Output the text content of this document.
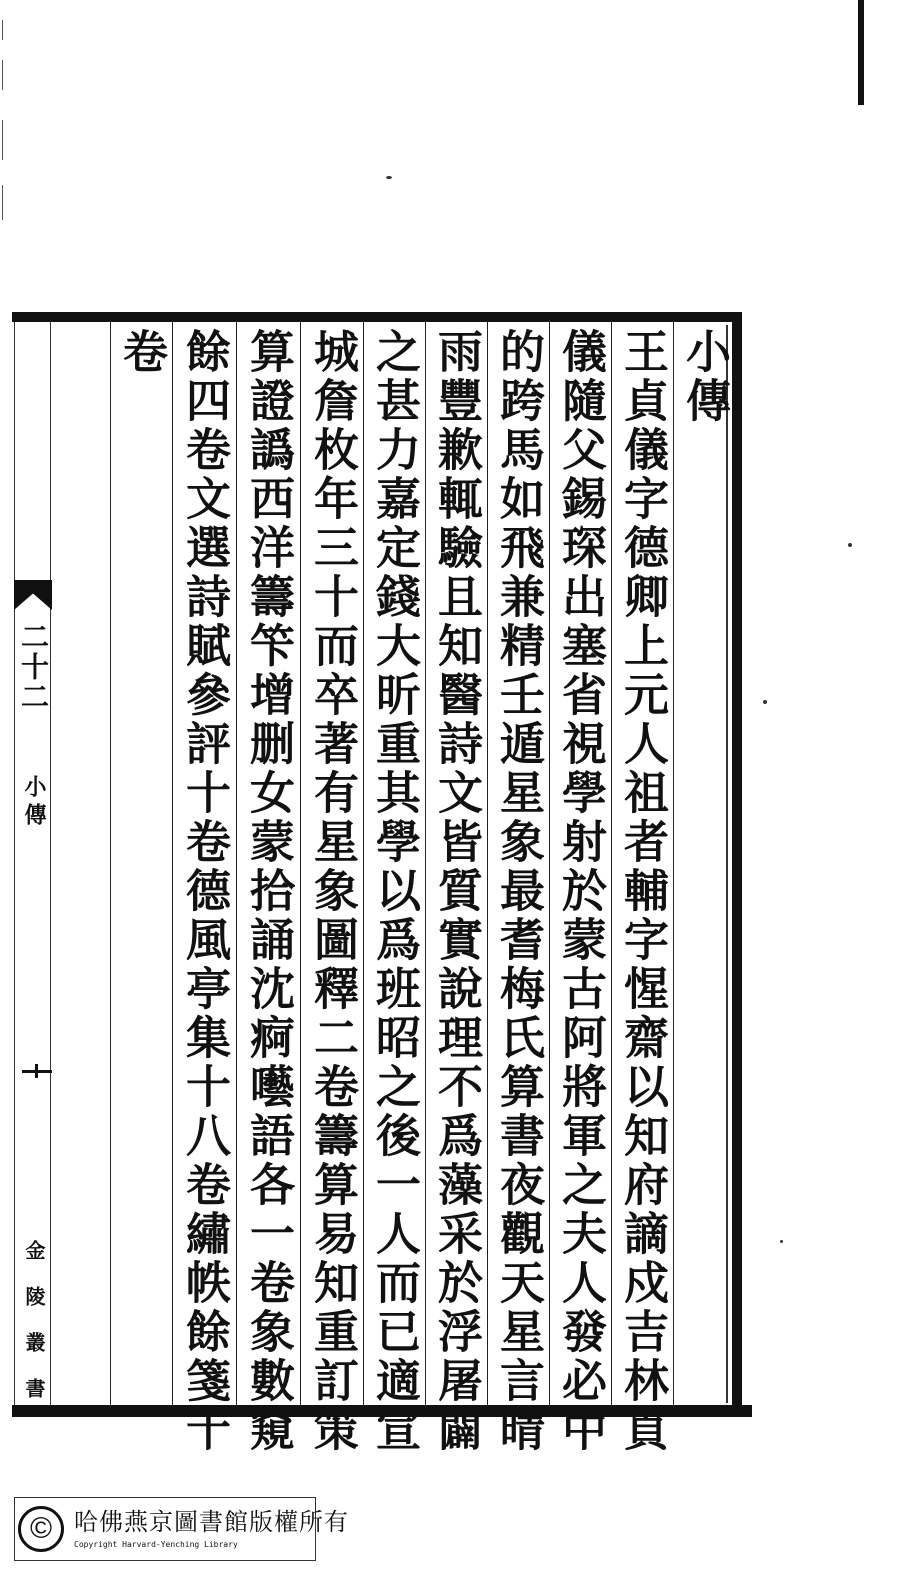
小傳
王貞儀字德卿上元人祖者輔字惺齋以知府謫戍吉林貞
儀隨父錫琛出塞省視學射於蒙古阿將軍之夫人發必中
的跨馬如飛兼精壬遁星象最耆梅氏算書夜觀天星言晴
雨豐歉輒驗且知醫詩文皆質實說理不爲藻采於浮屠闢
之甚力嘉定錢大昕重其學以爲班昭之後一人而已適宣
城詹枚年三十而卒著有星象圖釋二卷籌算易知重訂策
算證譌西洋籌笇增删女蒙拾誦沈痾囈語各一卷象數窺
餘四卷文選詩賦參評十卷德風亭集十八卷繡帙餘箋十
卷
二十二
小傳
金陵叢書
© 哈佛燕京圖書館版權所有
Copyright Harvard-Yenching Library
